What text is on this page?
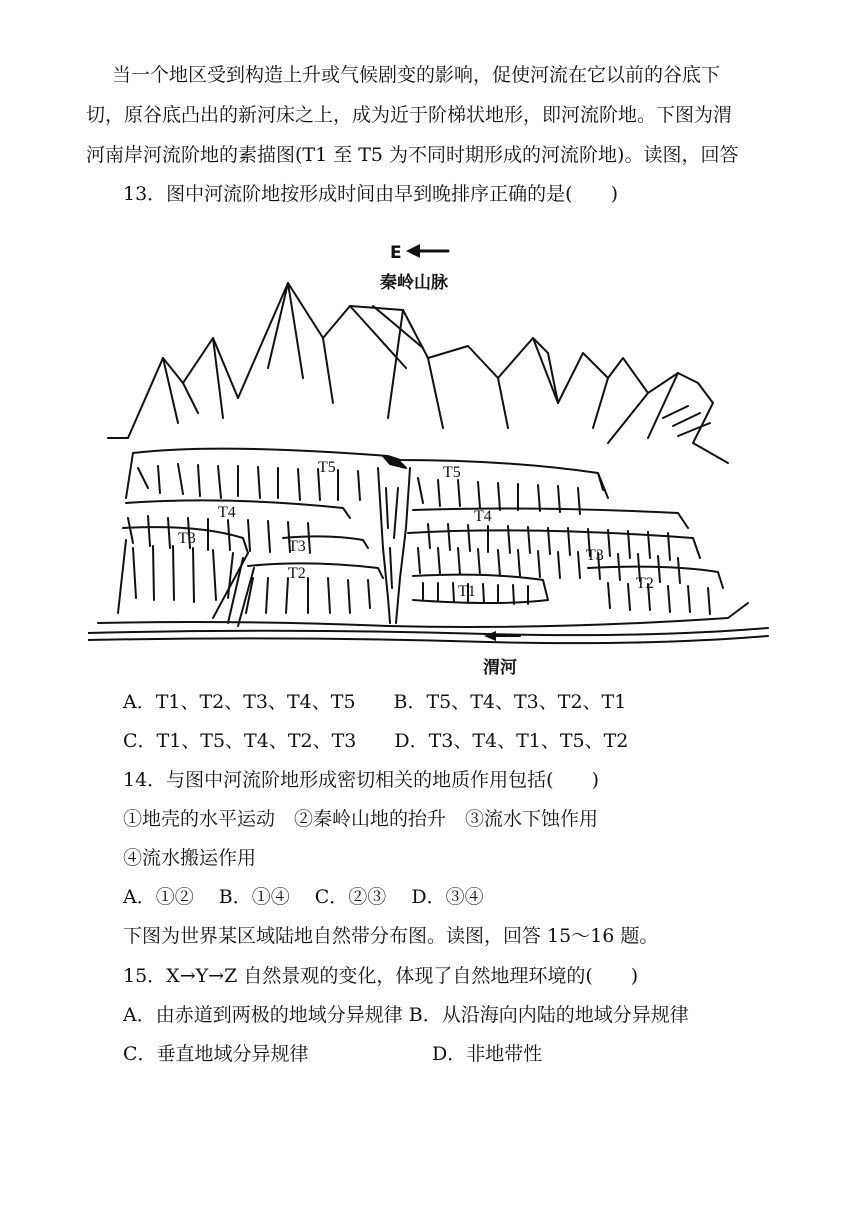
当一个地区受到构造上升或气候剧变的影响，促使河流在它以前的谷底下
切，原谷底凸出的新河床之上，成为近于阶梯状地形，即河流阶地。下图为渭
河南岸河流阶地的素描图(T1 至 T5 为不同时期形成的河流阶地)。读图，回答
13．图中河流阶地按形成时间由早到晚排序正确的是(　　)
E
秦岭山脉
T5	T5
T4	T4
T3	T3
T3
T2
T2
T1
渭河
A．T1、T2、T3、T4、T5　　B．T5、T4、T3、T2、T1
C．T1、T5、T4、T2、T3　　D．T3、T4、T1、T5、T2
14．与图中河流阶地形成密切相关的地质作用包括(　　)
①地壳的水平运动　②秦岭山地的抬升　③流水下蚀作用
④流水搬运作用
A．①②　 B．①④　 C．②③　 D．③④
下图为世界某区域陆地自然带分布图。读图，回答 15～16 题。
15．X→Y→Z 自然景观的变化，体现了自然地理环境的(　　)
A．由赤道到两极的地域分异规律 B．从沿海向内陆的地域分异规律
C．垂直地域分异规律	D．非地带性
